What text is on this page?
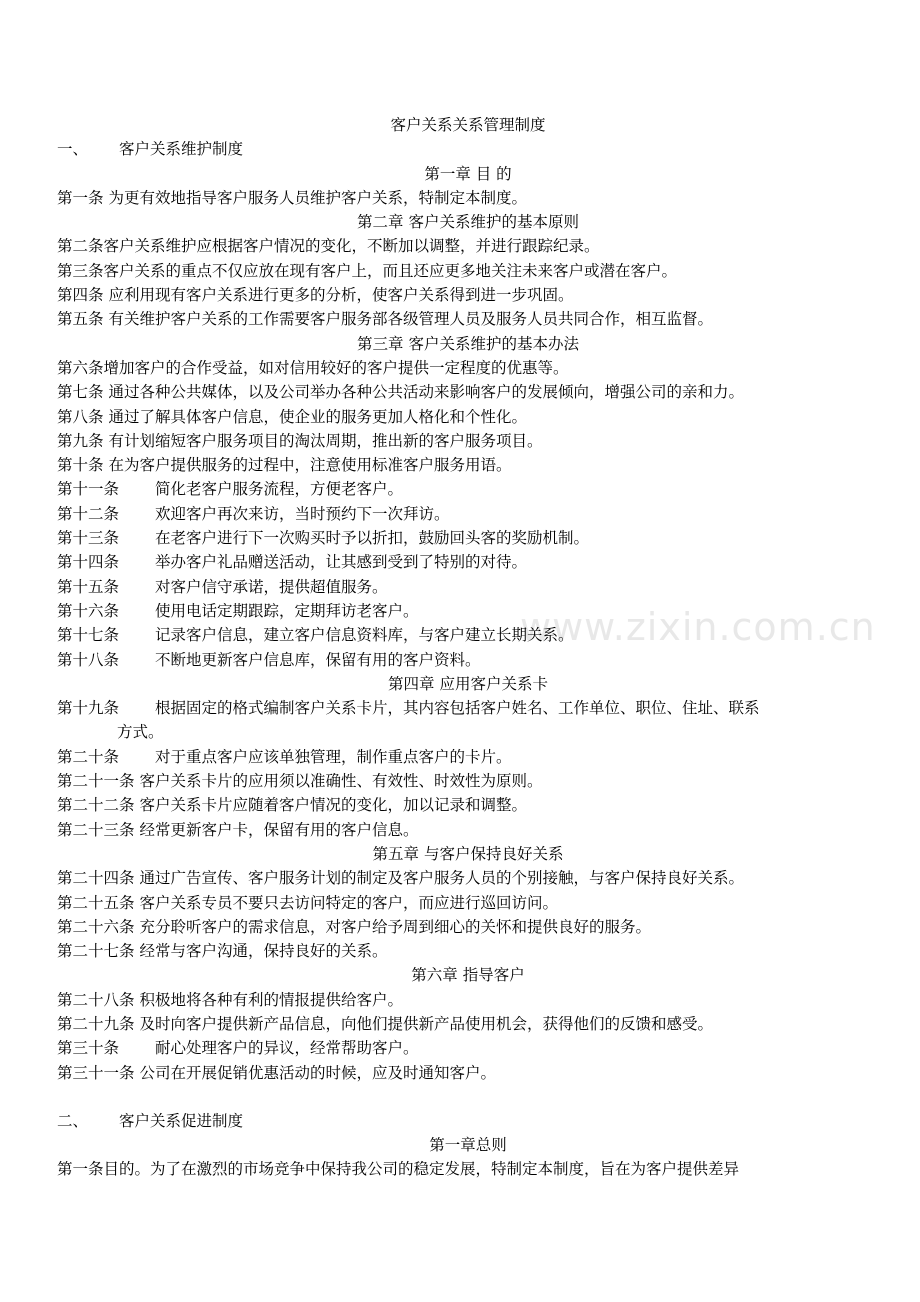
www.zixin.com.cn
客户关系关系管理制度
一、 客户关系维护制度
第一章 目 的
第一条 为更有效地指导客户服务人员维护客户关系，特制定本制度。
第二章 客户关系维护的基本原则
第二条客户关系维护应根据客户情况的变化，不断加以调整，并进行跟踪纪录。
第三条客户关系的重点不仅应放在现有客户上，而且还应更多地关注未来客户或潜在客户。
第四条 应利用现有客户关系进行更多的分析，使客户关系得到进一步巩固。
第五条 有关维护客户关系的工作需要客户服务部各级管理人员及服务人员共同合作，相互监督。
第三章 客户关系维护的基本办法
第六条增加客户的合作受益，如对信用较好的客户提供一定程度的优惠等。
第七条 通过各种公共媒体，以及公司举办各种公共活动来影响客户的发展倾向，增强公司的亲和力。
第八条 通过了解具体客户信息，使企业的服务更加人格化和个性化。
第九条 有计划缩短客户服务项目的淘汰周期，推出新的客户服务项目。
第十条 在为客户提供服务的过程中，注意使用标准客户服务用语。
第十一条 简化老客户服务流程，方便老客户。
第十二条 欢迎客户再次来访，当时预约下一次拜访。
第十三条 在老客户进行下一次购买时予以折扣，鼓励回头客的奖励机制。
第十四条 举办客户礼品赠送活动，让其感到受到了特别的对待。
第十五条 对客户信守承诺，提供超值服务。
第十六条 使用电话定期跟踪，定期拜访老客户。
第十七条 记录客户信息，建立客户信息资料库，与客户建立长期关系。
第十八条 不断地更新客户信息库，保留有用的客户资料。
第四章 应用客户关系卡
第十九条 根据固定的格式编制客户关系卡片，其内容包括客户姓名、工作单位、职位、住址、联系
方式。
第二十条 对于重点客户应该单独管理，制作重点客户的卡片。
第二十一条 客户关系卡片的应用须以准确性、有效性、时效性为原则。
第二十二条 客户关系卡片应随着客户情况的变化，加以记录和调整。
第二十三条 经常更新客户卡，保留有用的客户信息。
第五章 与客户保持良好关系
第二十四条 通过广告宣传、客户服务计划的制定及客户服务人员的个别接触，与客户保持良好关系。
第二十五条 客户关系专员不要只去访问特定的客户，而应进行巡回访问。
第二十六条 充分聆听客户的需求信息，对客户给予周到细心的关怀和提供良好的服务。
第二十七条 经常与客户沟通，保持良好的关系。
第六章 指导客户
第二十八条 积极地将各种有利的情报提供给客户。
第二十九条 及时向客户提供新产品信息，向他们提供新产品使用机会，获得他们的反馈和感受。
第三十条 耐心处理客户的异议，经常帮助客户。
第三十一条 公司在开展促销优惠活动的时候，应及时通知客户。
二、 客户关系促进制度
第一章总则
第一条目的。为了在激烈的市场竞争中保持我公司的稳定发展，特制定本制度，旨在为客户提供差异
